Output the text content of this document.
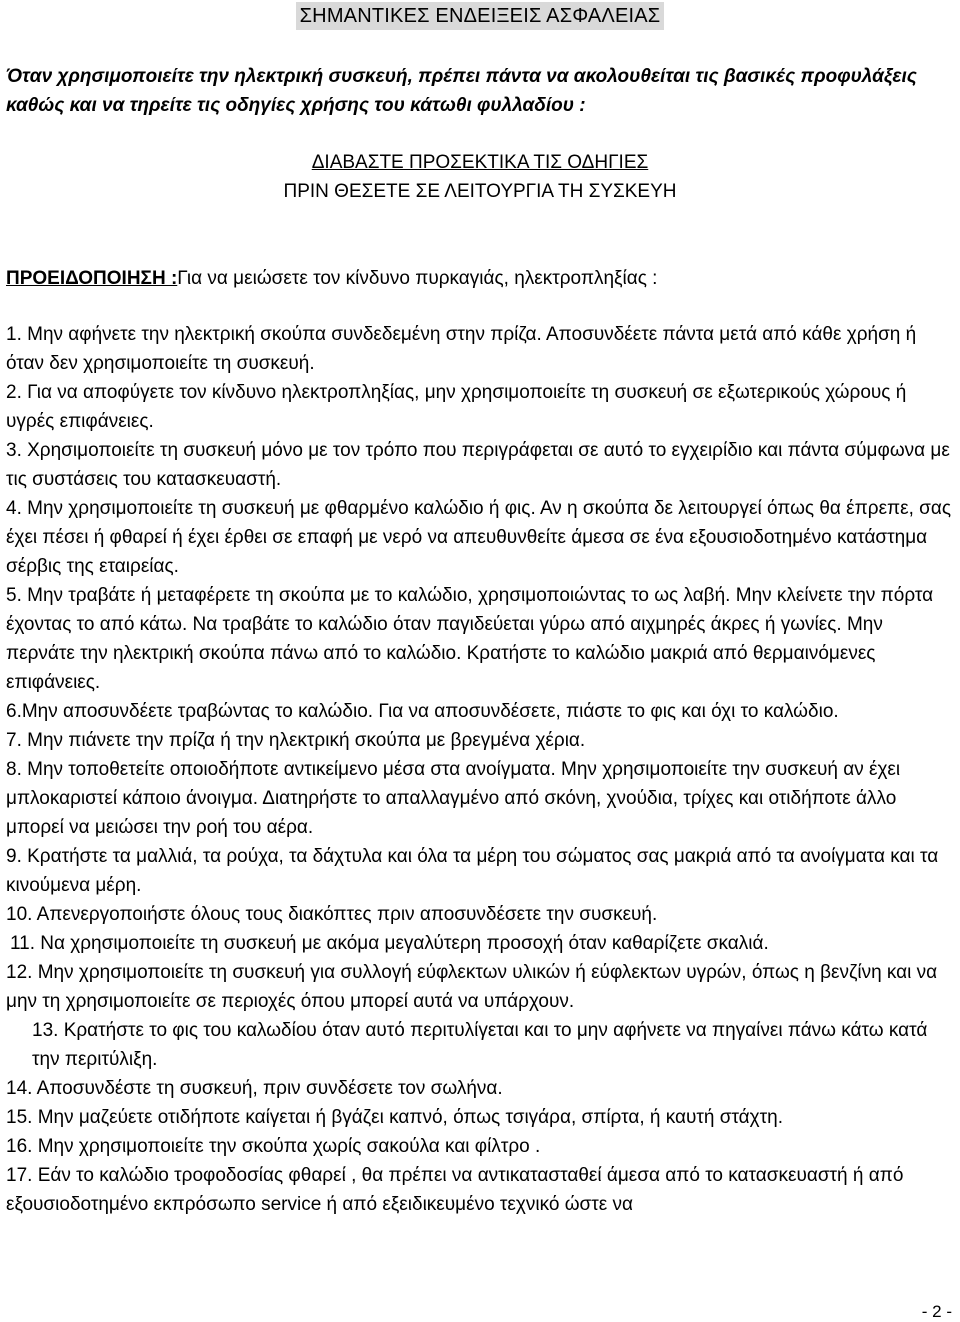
ΣΗΜΑΝΤΙΚΕΣ ΕΝΔΕΙΞΕΙΣ ΑΣΦΑΛΕΙΑΣ

Όταν χρησιμοποιείτε την ηλεκτρική συσκευή, πρέπει πάντα να ακολουθείται τις βασικές προφυλάξεις καθώς και να τηρείτε τις οδηγίες χρήσης του κάτωθι φυλλαδίου :

ΔΙΑΒΑΣΤΕ ΠΡΟΣΕΚΤΙΚΑ ΤΙΣ ΟΔΗΓΙΕΣ
ΠΡΙΝ ΘΕΣΕΤΕ ΣΕ ΛΕΙΤΟΥΡΓΙΑ ΤΗ ΣΥΣΚΕΥΗ

ΠΡΟΕΙΔΟΠΟΙΗΣΗ :Για να μειώσετε τον κίνδυνο πυρκαγιάς, ηλεκτροπληξίας :

1. Μην αφήνετε την ηλεκτρική σκούπα συνδεδεμένη στην πρίζα. Αποσυνδέετε πάντα μετά από κάθε χρήση ή όταν δεν χρησιμοποιείτε τη συσκευή.

2. Για να αποφύγετε τον κίνδυνο ηλεκτροπληξίας, μην χρησιμοποιείτε τη συσκευή σε εξωτερικούς χώρους ή υγρές επιφάνειες.

3. Χρησιμοποιείτε τη συσκευή μόνο με τον τρόπο που περιγράφεται σε αυτό το εγχειρίδιο και πάντα σύμφωνα με τις συστάσεις του κατασκευαστή.

4. Μην χρησιμοποιείτε τη συσκευή με φθαρμένο καλώδιο ή φις. Αν η σκούπα δε λειτουργεί όπως θα έπρεπε, σας έχει πέσει ή φθαρεί ή έχει έρθει σε επαφή με νερό να απευθυνθείτε άμεσα σε ένα εξουσιοδοτημένο κατάστημα σέρβις της εταιρείας.

5. Μην τραβάτε ή μεταφέρετε τη σκούπα με το καλώδιο, χρησιμοποιώντας το ως λαβή. Μην κλείνετε την πόρτα έχοντας το από κάτω. Να τραβάτε το καλώδιο όταν παγιδεύεται γύρω από αιχμηρές άκρες ή γωνίες. Μην περνάτε την ηλεκτρική σκούπα πάνω από το καλώδιο. Κρατήστε το καλώδιο μακριά από θερμαινόμενες επιφάνειες.

6.Μην αποσυνδέετε τραβώντας το καλώδιο. Για να αποσυνδέσετε, πιάστε το φις και όχι το καλώδιο.

7. Μην πιάνετε την πρίζα ή την ηλεκτρική σκούπα με βρεγμένα χέρια.

8. Μην τοποθετείτε οποιοδήποτε αντικείμενο μέσα στα ανοίγματα. Μην χρησιμοποιείτε την συσκευή αν έχει μπλοκαριστεί κάποιο άνοιγμα. Διατηρήστε το απαλλαγμένο από σκόνη, χνούδια, τρίχες και οτιδήποτε άλλο μπορεί να μειώσει την ροή του αέρα.

9. Κρατήστε τα μαλλιά, τα ρούχα, τα δάχτυλα και όλα τα μέρη του σώματος σας μακριά από τα ανοίγματα και τα κινούμενα μέρη.

10. Απενεργοποιήστε όλους τους διακόπτες πριν αποσυνδέσετε την συσκευή.

11. Να χρησιμοποιείτε τη συσκευή με ακόμα μεγαλύτερη προσοχή όταν καθαρίζετε σκαλιά.

12. Μην χρησιμοποιείτε τη συσκευή για συλλογή εύφλεκτων υλικών ή εύφλεκτων υγρών, όπως η βενζίνη και να μην τη χρησιμοποιείτε σε περιοχές όπου μπορεί αυτά να υπάρχουν.

13. Κρατήστε το φις του καλωδίου όταν αυτό περιτυλίγεται και το μην αφήνετε να πηγαίνει πάνω κάτω κατά την περιτύλιξη.

14. Αποσυνδέστε τη συσκευή, πριν συνδέσετε τον σωλήνα.

15. Μην μαζεύετε οτιδήποτε καίγεται ή βγάζει καπνό, όπως τσιγάρα, σπίρτα, ή καυτή στάχτη.

16. Μην χρησιμοποιείτε την σκούπα χωρίς σακούλα και φίλτρο .

17. Εάν το καλώδιο τροφοδοσίας φθαρεί , θα πρέπει να αντικατασταθεί άμεσα από το κατασκευαστή ή από εξουσιοδοτημένο εκπρόσωπο service ή από εξειδικευμένο τεχνικό ώστε να

- 2 -
